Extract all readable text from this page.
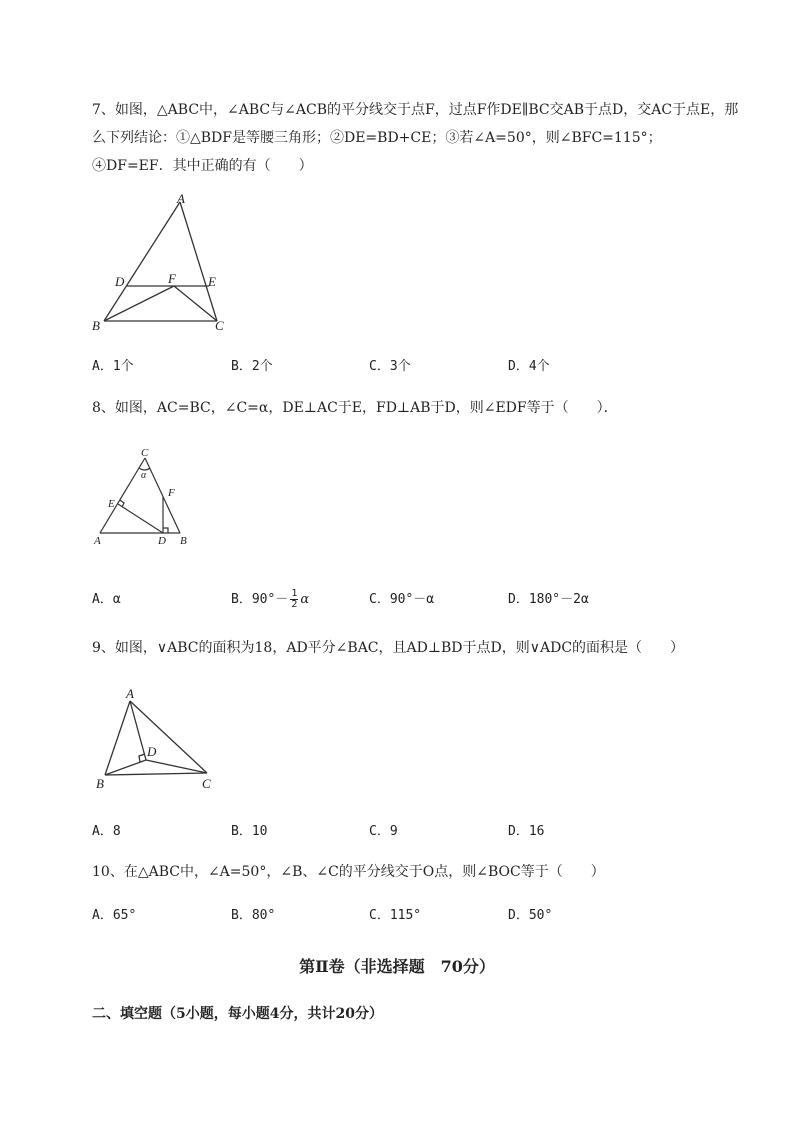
7、如图，△ABC中，∠ABC与∠ACB的平分线交于点F，过点F作DE∥BC交AB于点D，交AC于点E，那么下列结论：①△BDF是等腰三角形；②DE=BD+CE；③若∠A=50°，则∠BFC=115°；④DF=EF．其中正确的有（　　）
A
B	C
D	E
F
A．1个	B．2个	C．3个	D．4个
8、如图，AC=BC，∠C=α，DE⊥AC于E，FD⊥AB于D，则∠EDF等于（　　）．
C
α
E
F
A	D B
A．α	B．$90^\circ- \frac{1}{2}$ α	C．90°－α	D．180°－2α
9、如图，∨ABC的面积为18，AD平分∠BAC，且AD⊥BD于点D，则∨ADC的面积是（　　）
A
D
B	C
A．8	B．10	C．9	D．16
10、在△ABC中，∠A=50°，∠B、∠C的平分线交于O点，则∠BOC等于（　　）
A．65°	B．80°	C．115°	D．50°
第Ⅱ卷（非选择题　70分）
二、填空题（5小题，每小题4分，共计20分）
